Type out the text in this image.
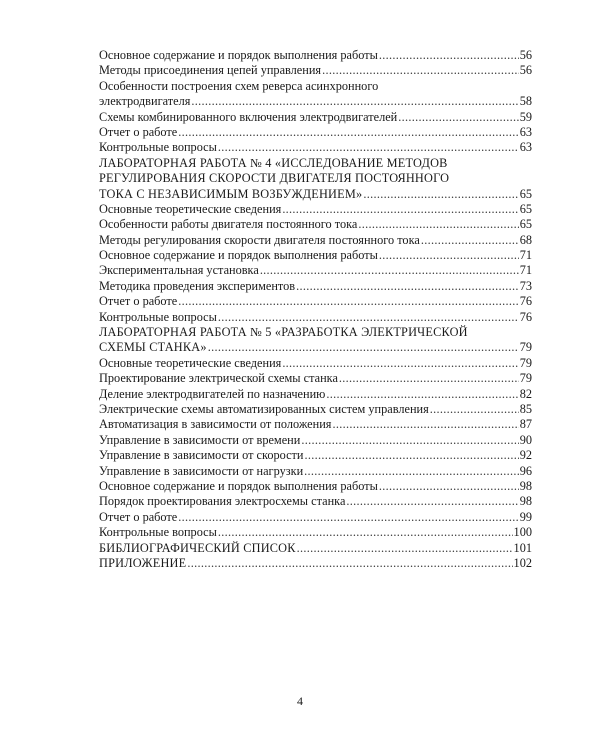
Основное содержание и порядок выполнения работы .....	56
Методы присоединения цепей управления .....	56
Особенности построения схем реверса асинхронного
электродвигателя .....	58
Схемы комбинированного включения электродвигателей .....	59
Отчет о работе .....	63
Контрольные вопросы .....	63
ЛАБОРАТОРНАЯ РАБОТА № 4 «ИССЛЕДОВАНИЕ МЕТОДОВ
РЕГУЛИРОВАНИЯ СКОРОСТИ ДВИГАТЕЛЯ ПОСТОЯННОГО
ТОКА С НЕЗАВИСИМЫМ ВОЗБУЖДЕНИЕМ» .....	65
Основные теоретические сведения .....	65
Особенности работы двигателя постоянного тока .....	65
Методы регулирования скорости двигателя постоянного тока .....	68
Основное содержание и порядок выполнения работы .....	71
Экспериментальная установка .....	71
Методика проведения экспериментов .....	73
Отчет о работе .....	76
Контрольные вопросы .....	76
ЛАБОРАТОРНАЯ РАБОТА № 5 «РАЗРАБОТКА ЭЛЕКТРИЧЕСКОЙ
СХЕМЫ СТАНКА» .....	79
Основные теоретические сведения .....	79
Проектирование электрической схемы станка .....	79
Деление электродвигателей по назначению .....	82
Электрические схемы автоматизированных систем управления .....	85
Автоматизация в зависимости от положения .....	87
Управление в зависимости от времени .....	90
Управление в зависимости от скорости .....	92
Управление в зависимости от нагрузки .....	96
Основное содержание и порядок выполнения работы .....	98
Порядок проектирования электросхемы станка .....	98
Отчет о работе .....	99
Контрольные вопросы .....	100
БИБЛИОГРАФИЧЕСКИЙ СПИСОК .....	101
ПРИЛОЖЕНИЕ .....	102
4
